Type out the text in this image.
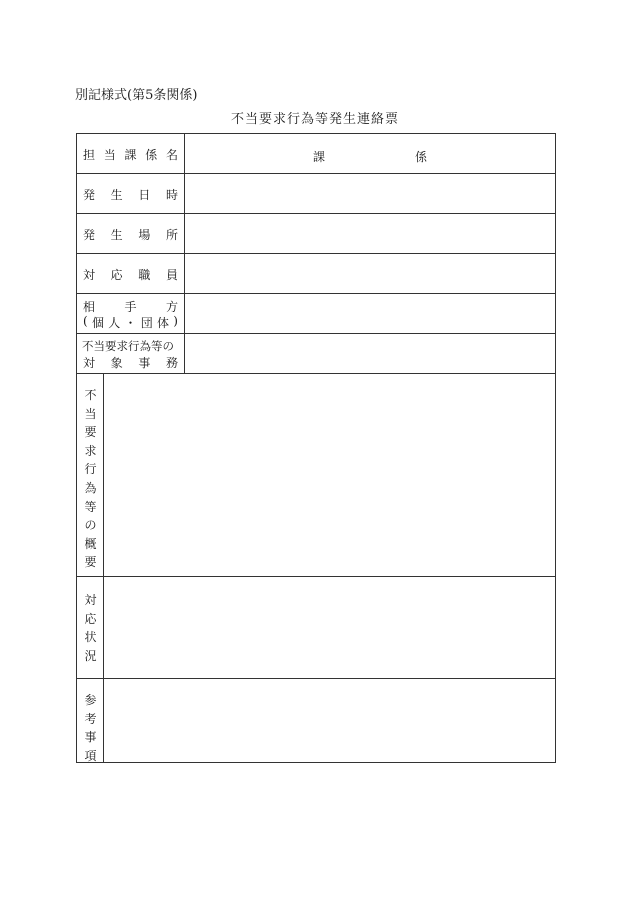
別記様式(第5条関係)
不当要求行為等発生連絡票
担 当 課 係 名	課	係
発 生 日 時
発 生 場 所
対 応 職 員
相 手 方
( 個 人 ・ 団 体 )
不当要求行為等の
対 象 事 務
不
当
要
求
行
為
等
の
概
要
対
応
状
況
参
考
事
項
